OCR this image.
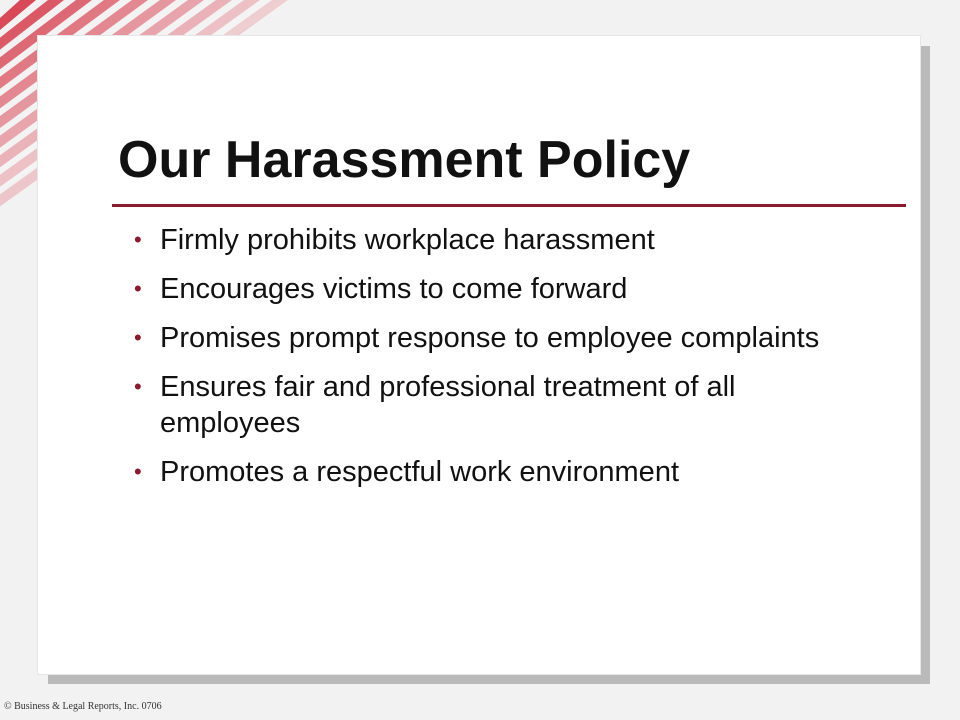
Our Harassment Policy
• Firmly prohibits workplace harassment
• Encourages victims to come forward
• Promises prompt response to employee complaints
• Ensures fair and professional treatment of all employees
• Promotes a respectful work environment
© Business & Legal Reports, Inc. 0706
